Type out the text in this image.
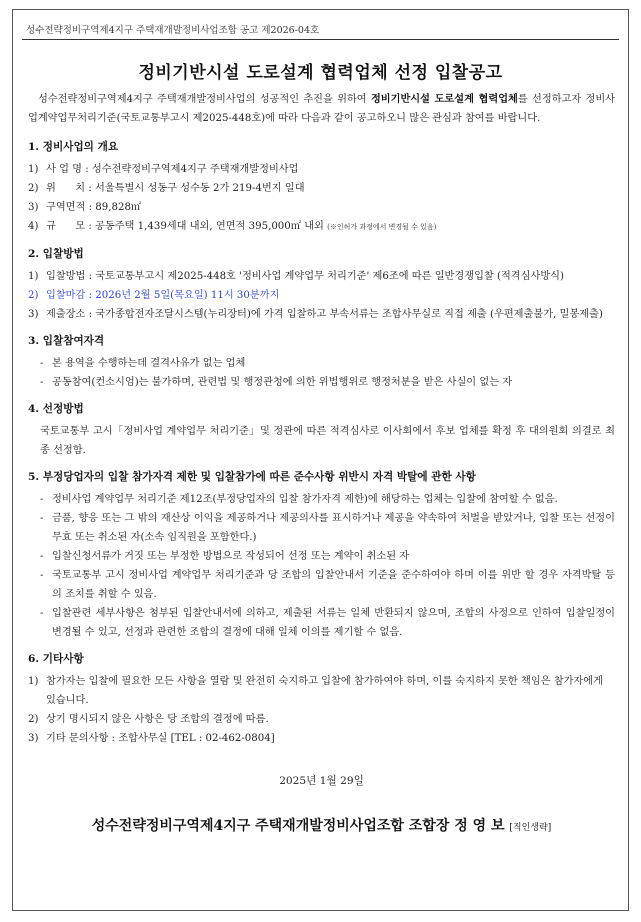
성수전략정비구역제4지구 주택재개발정비사업조합 공고 제2026-04호
정비기반시설 도로설계 협력업체 선정 입찰공고

성수전략정비구역제4지구 주택재개발정비사업의 성공적인 추진을 위하여 정비기반시설 도로설계 협력업체를 선정하고자 정비사업계약업무처리기준(국토교통부고시 제2025-448호)에 따라 다음과 같이 공고하오니 많은 관심과 참여를 바랍니다.

1. 정비사업의 개요
1) 사 업 명 : 성수전략정비구역제4지구 주택재개발정비사업
2) 위      치 : 서울특별시 성동구 성수동 2가 219-4번지 일대
3) 구역면적 : 89,828㎡
4) 규      모 : 공동주택 1,439세대 내외, 연면적 395,000㎡ 내외 (※인허가 과정에서 변경될 수 있음)
2. 입찰방법
1) 입찰방법 : 국토교통부고시 제2025-448호 '정비사업 계약업무 처리기준' 제6조에 따른 일반경쟁입찰 (적격심사방식)
2) 입찰마감 : 2026년 2월 5일(목요일) 11시 30분까지
3) 제출장소 : 국가종합전자조달시스템(누리장터)에 가격 입찰하고 부속서류는 조합사무실로 직접 제출 (우편제출불가, 밀봉제출)
3. 입찰참여자격
- 본 용역을 수행하는데 결격사유가 없는 업체
- 공동참여(컨소시엄)는 불가하며, 관련법 및 행정관청에 의한 위법행위로 행정처분을 받은 사실이 없는 자
4. 선정방법
국토교통부 고시「정비사업 계약업무 처리기준」및 정관에 따른 적격심사로 이사회에서 후보 업체를 확정 후 대의원회 의결로 최종 선정함.
5. 부정당업자의 입찰 참가자격 제한 및 입찰참가에 따른 준수사항 위반시 자격 박탈에 관한 사항
- 정비사업 계약업무 처리기준 제12조(부정당업자의 입찰 참가자격 제한)에 해당하는 업체는 입찰에 참여할 수 없음.
- 금품, 향응 또는 그 밖의 재산상 이익을 제공하거나 제공의사를 표시하거나 제공을 약속하여 처벌을 받았거나, 입찰 또는 선정이 무효 또는 취소된 자(소속 임직원을 포함한다.)
- 입찰신청서류가 거짓 또는 부정한 방법으로 작성되어 선정 또는 계약이 취소된 자
- 국토교통부 고시 정비사업 계약업무 처리기준과 당 조합의 입찰안내서 기준을 준수하여야 하며 이를 위반 할 경우 자격박탈 등의 조치를 취할 수 있음.
- 입찰관련 세부사항은 첨부된 입찰안내서에 의하고, 제출된 서류는 일체 반환되지 않으며, 조합의 사정으로 인하여 입찰일정이 변경될 수 있고, 선정과 관련한 조합의 결정에 대해 일체 이의를 제기할 수 없음.
6. 기타사항
1) 참가자는 입찰에 필요한 모든 사항을 열람 및 완전히 숙지하고 입찰에 참가하여야 하며, 이를 숙지하지 못한 책임은 참가자에게 있습니다.
2) 상기 명시되지 않은 사항은 당 조합의 결정에 따름.
3) 기타 문의사항 : 조합사무실 [TEL : 02-462-0804]
2025년 1월 29일
성수전략정비구역제4지구 주택재개발정비사업조합 조합장 정 영 보 [직인생략]
